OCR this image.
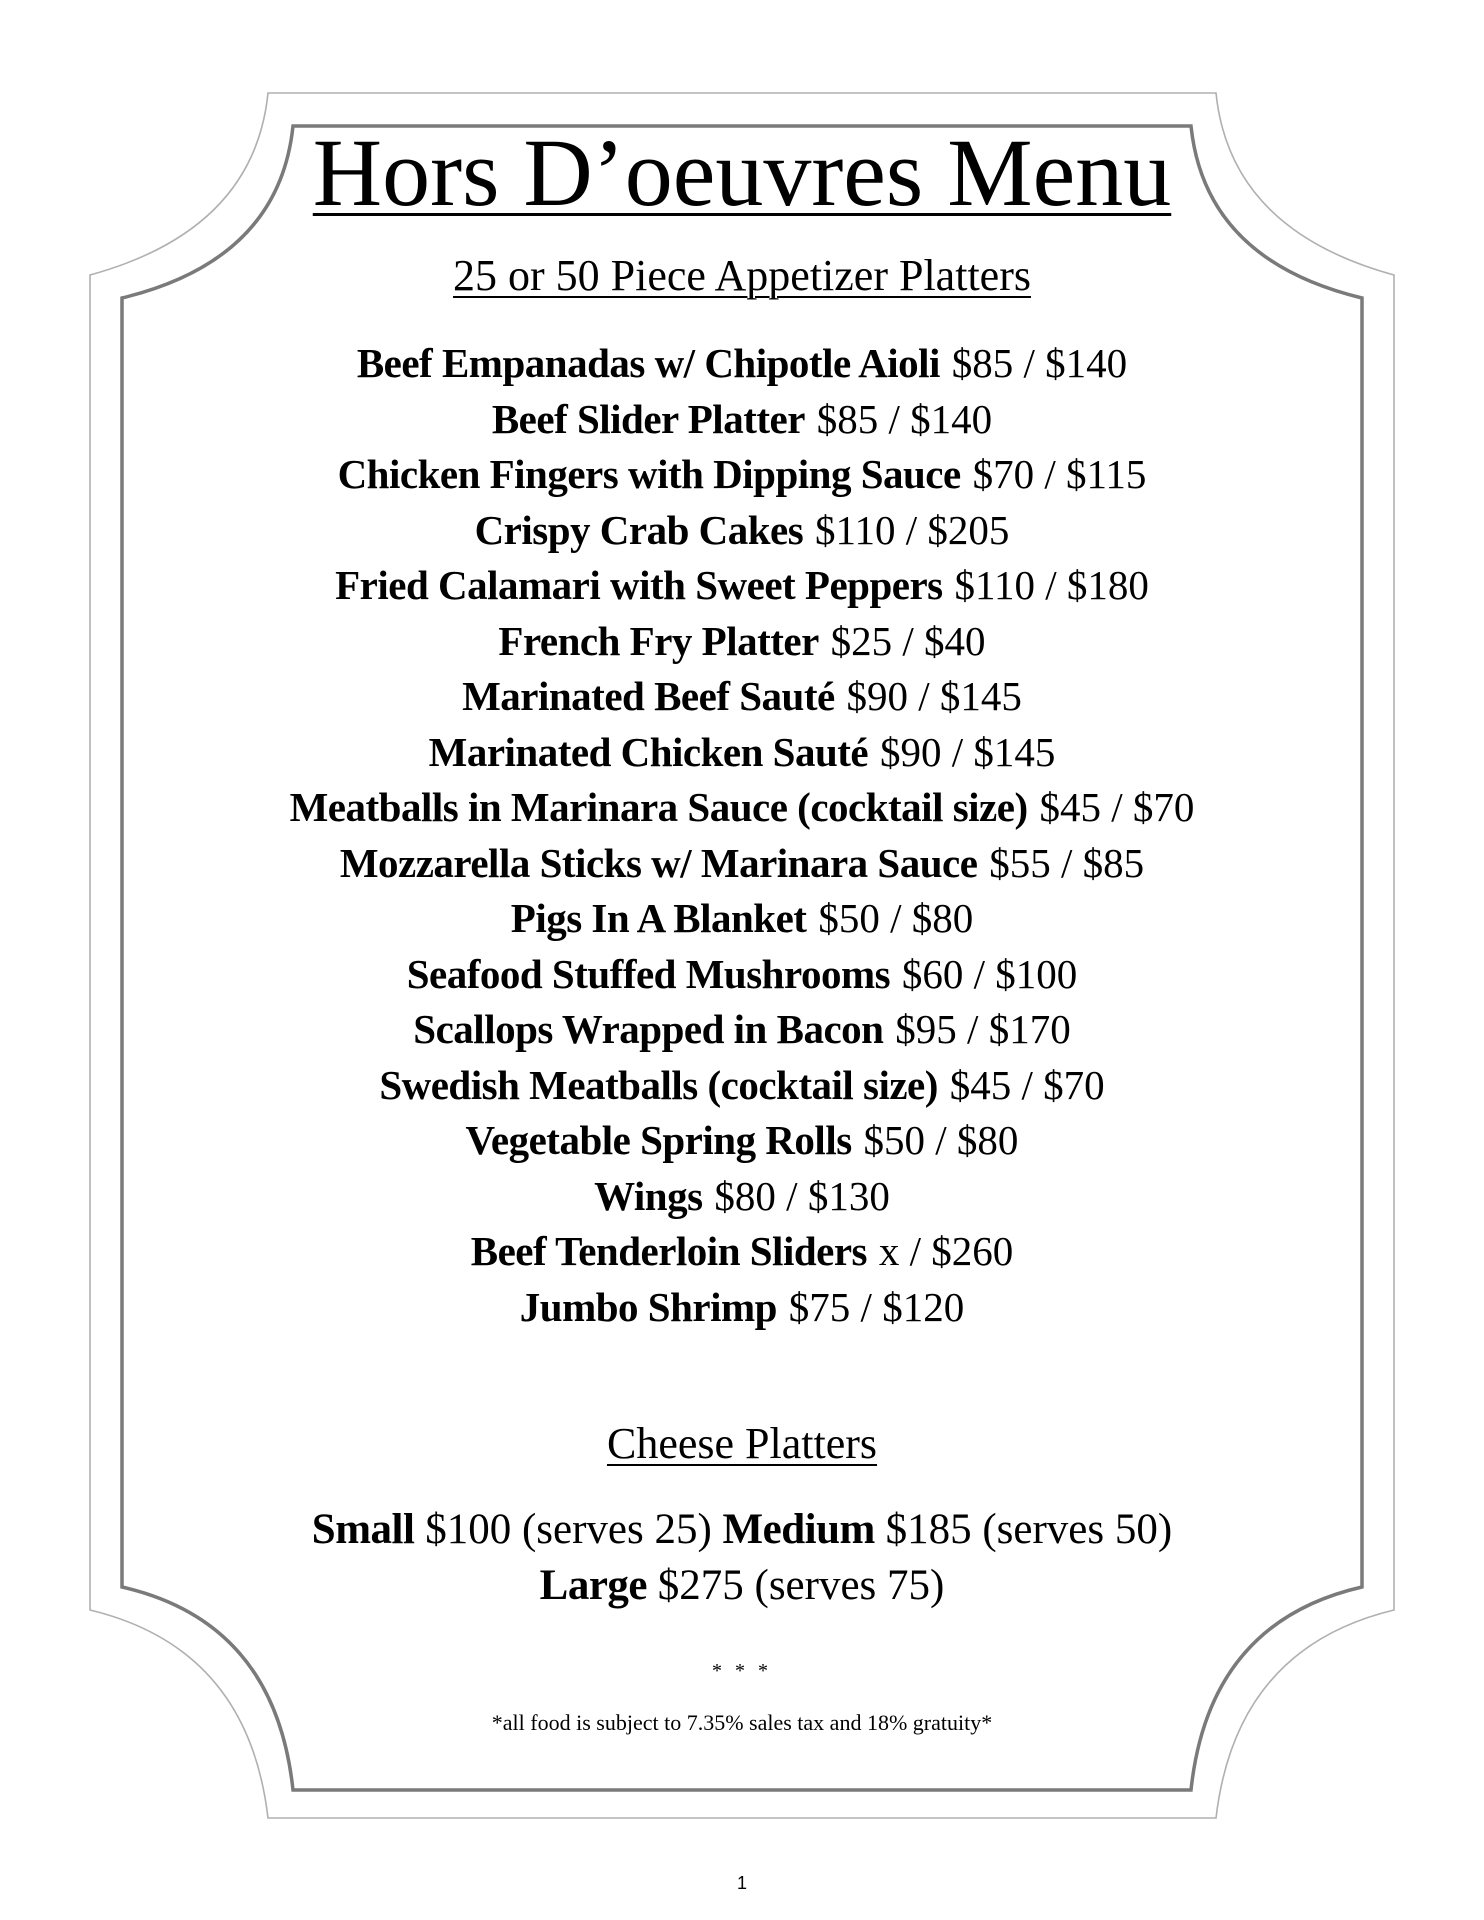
Hors D’oeuvres Menu
25 or 50 Piece Appetizer Platters
Beef Empanadas w/ Chipotle Aioli $85 / $140
Beef Slider Platter $85 / $140
Chicken Fingers with Dipping Sauce $70 / $115
Crispy Crab Cakes $110 / $205
Fried Calamari with Sweet Peppers $110 / $180
French Fry Platter $25 / $40
Marinated Beef Sauté $90 / $145
Marinated Chicken Sauté $90 / $145
Meatballs in Marinara Sauce (cocktail size) $45 / $70
Mozzarella Sticks w/ Marinara Sauce $55 / $85
Pigs In A Blanket $50 / $80
Seafood Stuffed Mushrooms $60 / $100
Scallops Wrapped in Bacon $95 / $170
Swedish Meatballs (cocktail size) $45 / $70
Vegetable Spring Rolls $50 / $80
Wings $80 / $130
Beef Tenderloin Sliders x / $260
Jumbo Shrimp $75 / $120
Cheese Platters
Small $100 (serves 25) Medium $185 (serves 50)
Large $275 (serves 75)
* * *
*all food is subject to 7.35% sales tax and 18% gratuity*
1
